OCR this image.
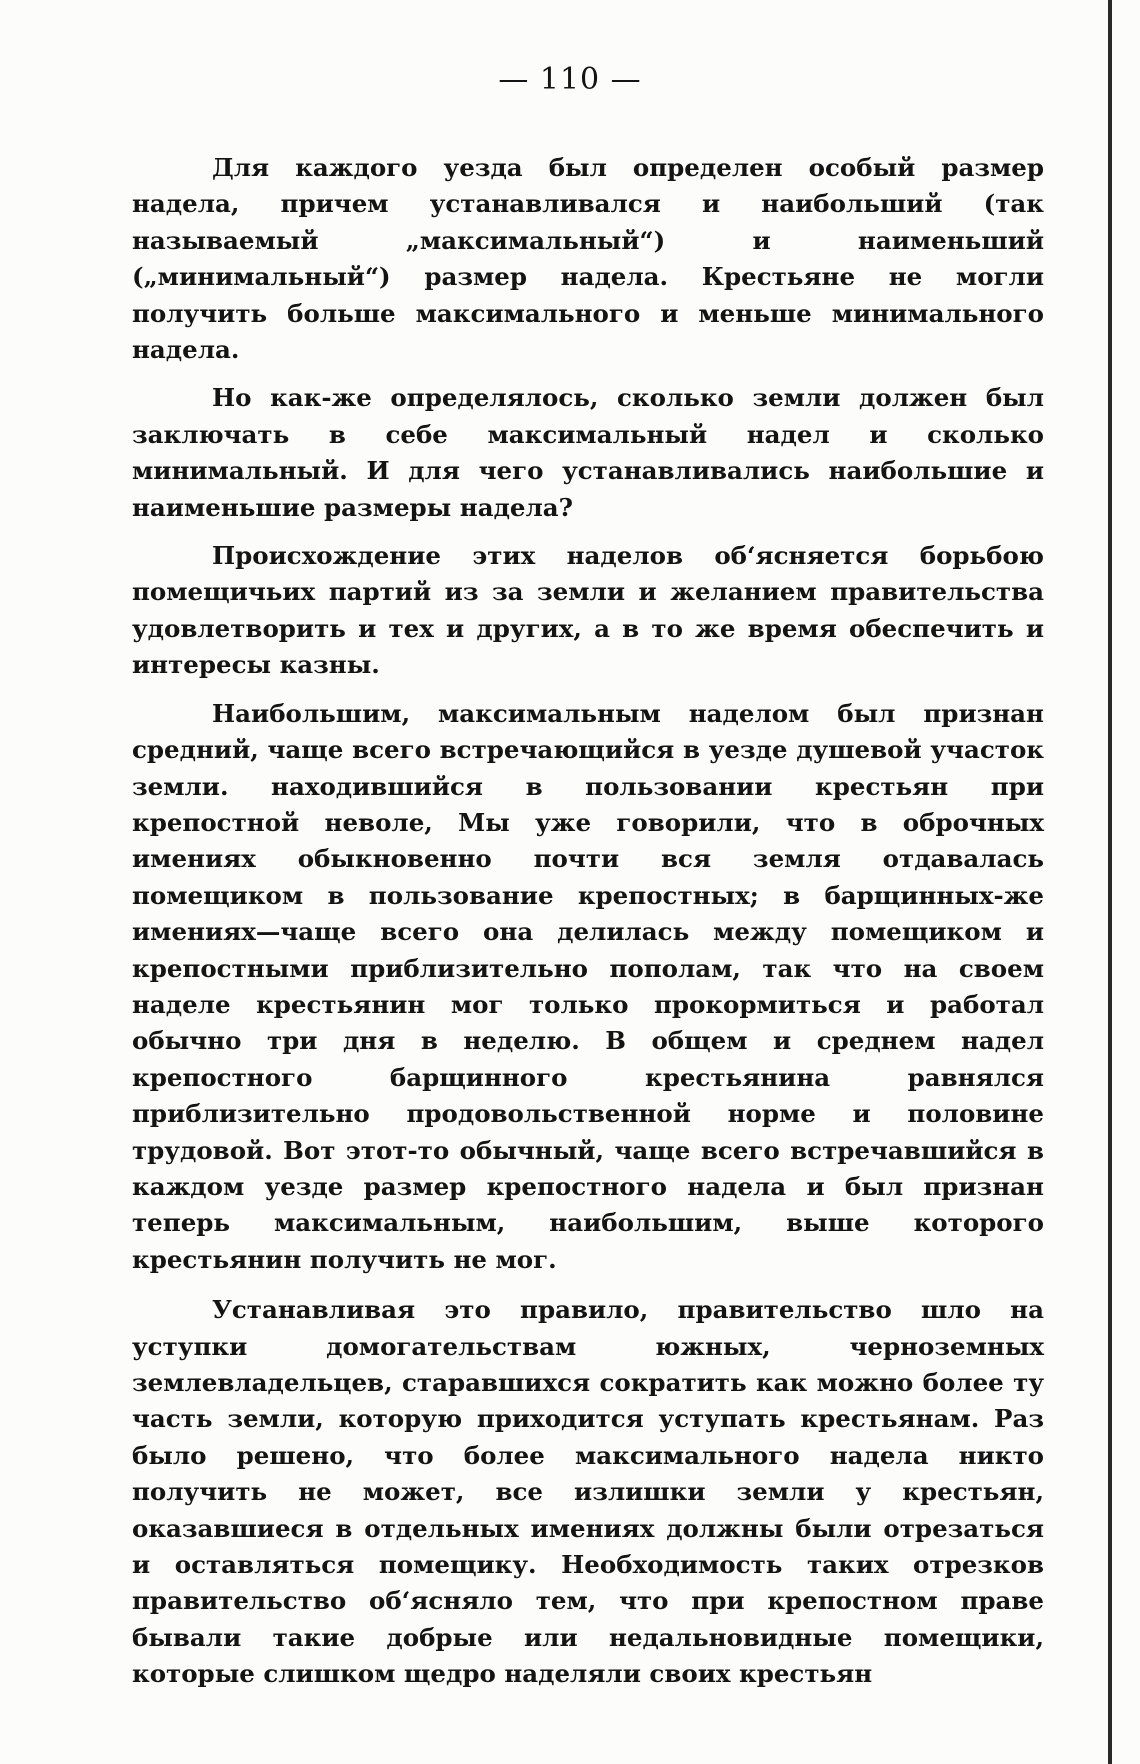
— 110 —

Для каждого уезда был определен особый размер надела, причем устанавливался и наибольший (так называемый „максимальный“) и наименьший („минимальный“) размер надела. Крестьяне не могли получить больше максимального и меньше минимального надела.

Но как-же определялось, сколько земли должен был заключать в себе максимальный надел и сколько минимальный. И для чего устанавливались наибольшие и наименьшие размеры надела?

Происхождение этих наделов об‘ясняется борьбою помещичьих партий из за земли и желанием правительства удовлетворить и тех и других, а в то же время обеспечить и интересы казны.

Наибольшим, максимальным наделом был признан средний, чаще всего встречающийся в уезде душевой участок земли. находившийся в пользовании крестьян при крепостной неволе, Мы уже говорили, что в оброчных имениях обыкновенно почти вся земля отдавалась помещиком в пользование крепостных; в барщинных-же имениях—чаще всего она делилась между помещиком и крепостными приблизительно пополам, так что на своем наделе крестьянин мог только прокормиться и работал обычно три дня в неделю. В общем и среднем надел крепостного барщинного крестьянина равнялся приблизительно продовольственной норме и половине трудовой. Вот этот-то обычный, чаще всего встречавшийся в каждом уезде размер крепостного надела и был признан теперь максимальным, наибольшим, выше которого крестьянин получить не мог.

Устанавливая это правило, правительство шло на уступки домогательствам южных, черноземных землевладельцев, старавшихся сократить как можно более ту часть земли, которую приходится уступать крестьянам. Раз было решено, что более максимального надела никто получить не может, все излишки земли у крестьян, оказавшиеся в отдельных имениях должны были отрезаться и оставляться помещику. Необходимость таких отрезков правительство об‘ясняло тем, что при крепостном праве бывали такие добрые или недальновидные помещики, которые слишком щедро наделяли своих крестьян
